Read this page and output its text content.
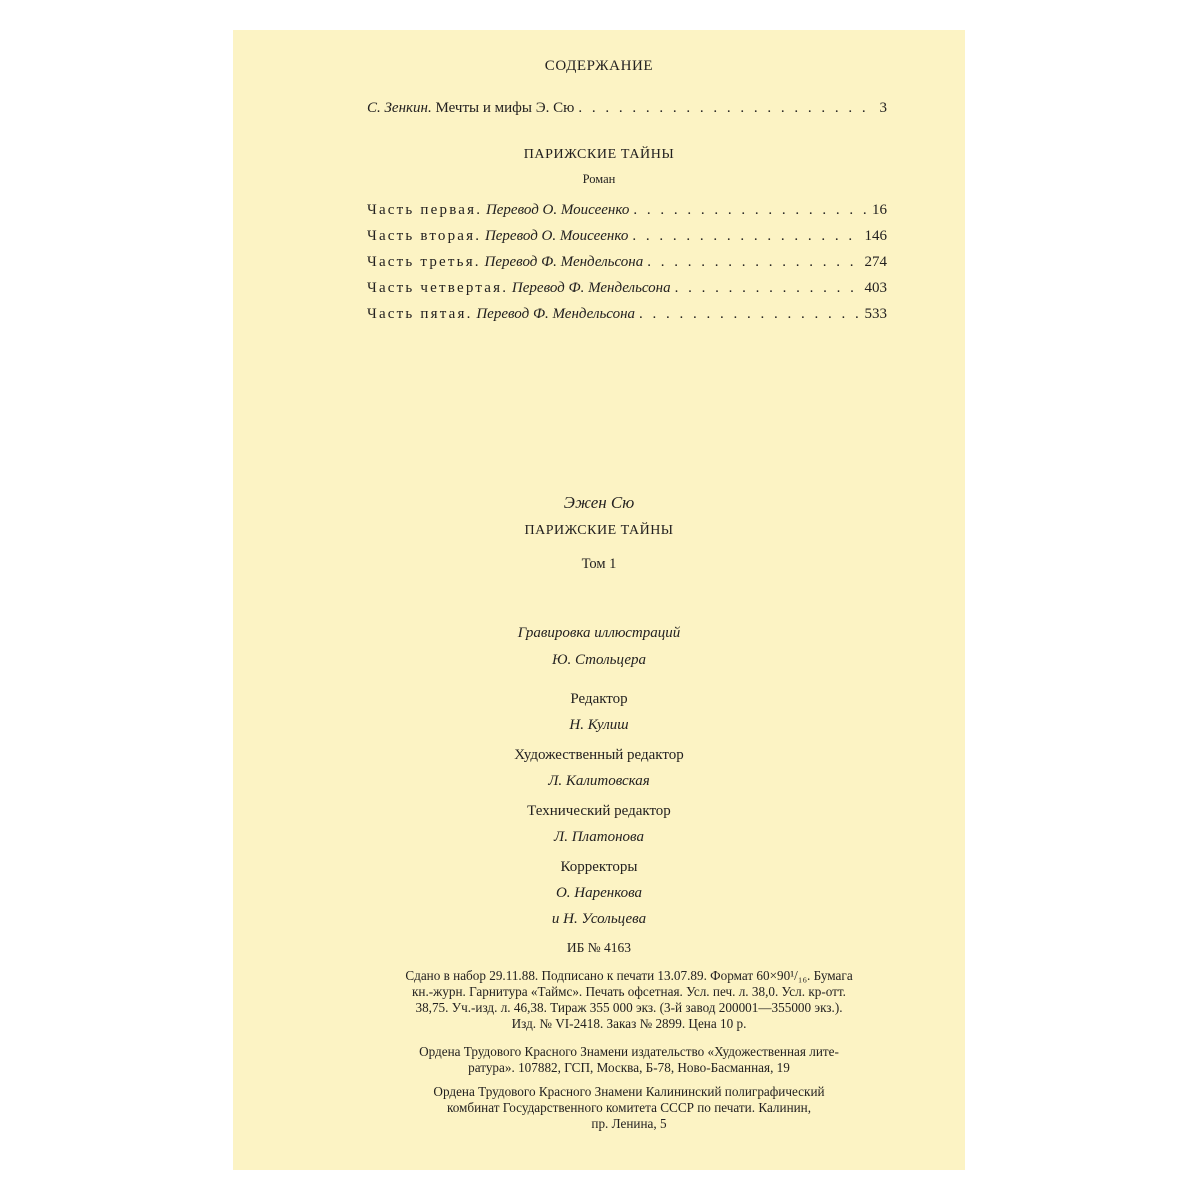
СОДЕРЖАНИЕ
С. Зенкин.
Мечты и мифы Э. Сю . . .	3
ПАРИЖСКИЕ ТАЙНЫ
Роман
Часть первая.
Перевод О. Моисеенко . . .	16
Часть вторая.
Перевод О. Моисеенко . . .	146
Часть третья.
Перевод Ф. Мендельсона . . .	274
Часть четвертая.
Перевод Ф. Мендельсона . . .	403
Часть пятая.
Перевод Ф. Мендельсона . . .	533
Эжен Сю
ПАРИЖСКИЕ ТАЙНЫ
Том 1
Гравировка иллюстраций
Ю. Стольцера
Редактор
Н. Кулиш
Художественный редактор
Л. Калитовская
Технический редактор
Л. Платонова
Корректоры
О. Наренкова
и Н. Усольцева
ИБ № 4163
Сдано в набор 29.11.88. Подписано к печати 13.07.89. Формат 60×90¹/₁₆. Бумага
кн.-журн. Гарнитура «Таймс». Печать офсетная. Усл. печ. л. 38,0. Усл. кр-отт.
38,75. Уч.-изд. л. 46,38. Тираж 355 000 экз. (3-й завод 200001—355000 экз.).
Изд. № VI-2418. Заказ № 2899. Цена 10 р.
Ордена Трудового Красного Знамени издательство «Художественная лите-
ратура». 107882, ГСП, Москва, Б-78, Ново-Басманная, 19
Ордена Трудового Красного Знамени Калининский полиграфический
комбинат Государственного комитета СССР по печати. Калинин,
пр. Ленина, 5
